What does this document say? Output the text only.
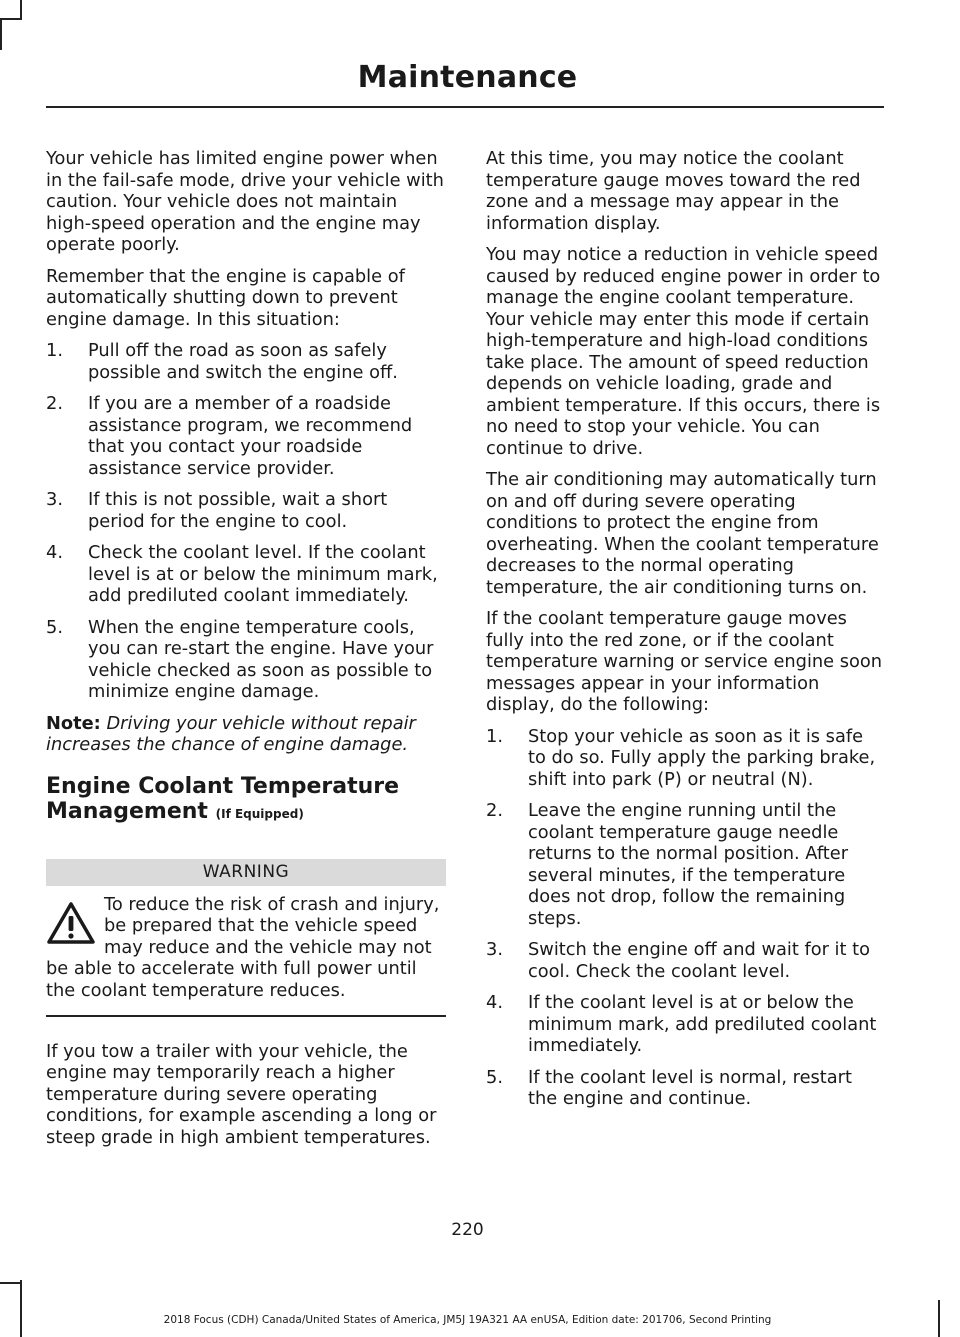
Maintenance

Your vehicle has limited engine power when in the fail-safe mode, drive your vehicle with caution. Your vehicle does not maintain high-speed operation and the engine may operate poorly.

Remember that the engine is capable of automatically shutting down to prevent engine damage. In this situation:

1. Pull off the road as soon as safely possible and switch the engine off.
2. If you are a member of a roadside assistance program, we recommend that you contact your roadside assistance service provider.
3. If this is not possible, wait a short period for the engine to cool.
4. Check the coolant level. If the coolant level is at or below the minimum mark, add prediluted coolant immediately.
5. When the engine temperature cools, you can re-start the engine. Have your vehicle checked as soon as possible to minimize engine damage.

Note: Driving your vehicle without repair increases the chance of engine damage.

Engine Coolant Temperature
Management (If Equipped)
WARNING
To reduce the risk of crash and injury, be prepared that the vehicle speed may reduce and the vehicle may not be able to accelerate with full power until the coolant temperature reduces.

If you tow a trailer with your vehicle, the engine may temporarily reach a higher temperature during severe operating conditions, for example ascending a long or steep grade in high ambient temperatures.

At this time, you may notice the coolant temperature gauge moves toward the red zone and a message may appear in the information display.

You may notice a reduction in vehicle speed caused by reduced engine power in order to manage the engine coolant temperature. Your vehicle may enter this mode if certain high-temperature and high-load conditions take place. The amount of speed reduction depends on vehicle loading, grade and ambient temperature. If this occurs, there is no need to stop your vehicle. You can continue to drive.

The air conditioning may automatically turn on and off during severe operating conditions to protect the engine from overheating. When the coolant temperature decreases to the normal operating temperature, the air conditioning turns on.

If the coolant temperature gauge moves fully into the red zone, or if the coolant temperature warning or service engine soon messages appear in your information display, do the following:

1. Stop your vehicle as soon as it is safe to do so. Fully apply the parking brake, shift into park (P) or neutral (N).
2. Leave the engine running until the coolant temperature gauge needle returns to the normal position. After several minutes, if the temperature does not drop, follow the remaining steps.
3. Switch the engine off and wait for it to cool. Check the coolant level.
4. If the coolant level is at or below the minimum mark, add prediluted coolant immediately.
5. If the coolant level is normal, restart the engine and continue.
220
2018 Focus (CDH) Canada/United States of America, JM5J 19A321 AA enUSA, Edition date: 201706, Second Printing
